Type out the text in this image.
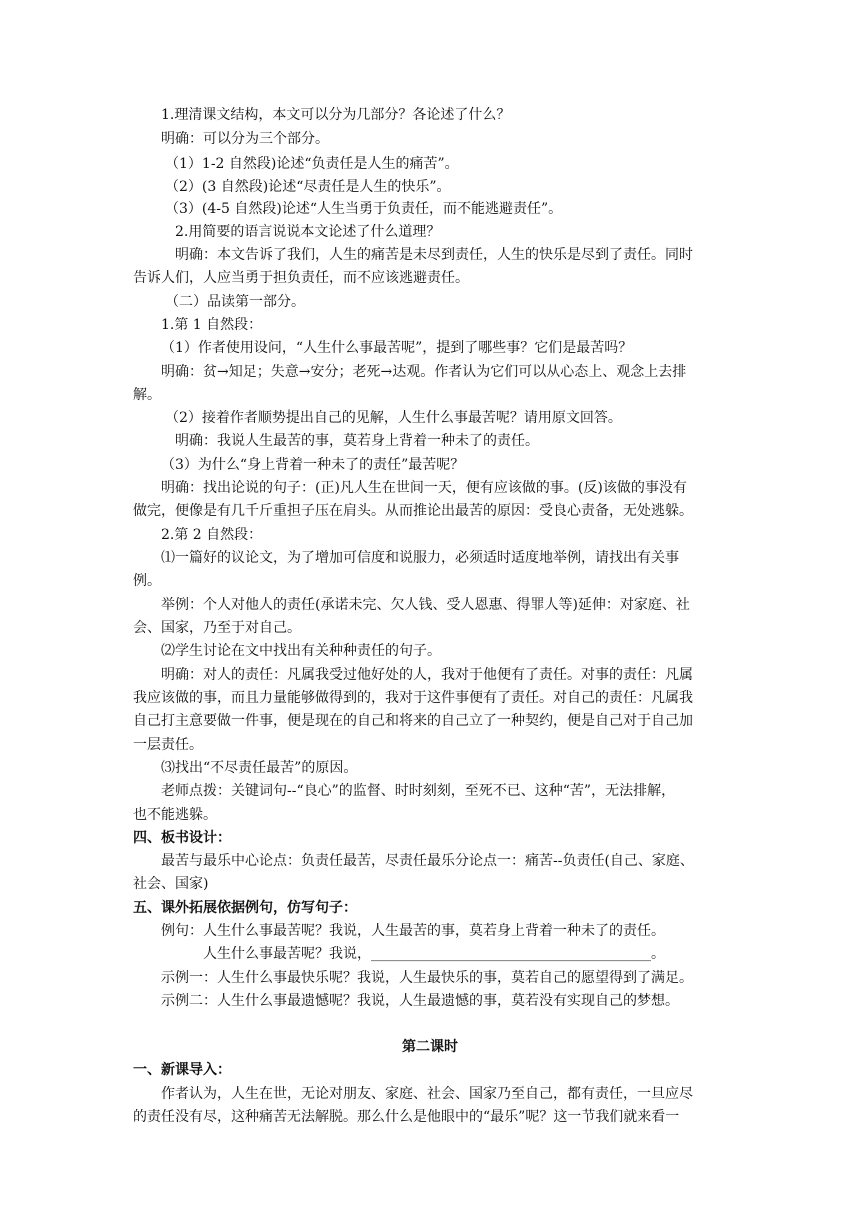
1.理清课文结构，本文可以分为几部分？各论述了什么？
明确：可以分为三个部分。
（1）1-2 自然段)论述“负责任是人生的痛苦”。
（2）(3 自然段)论述“尽责任是人生的快乐”。
（3）(4-5 自然段)论述“人生当勇于负责任，而不能逃避责任”。
2.用简要的语言说说本文论述了什么道理？
明确：本文告诉了我们，人生的痛苦是未尽到责任，人生的快乐是尽到了责任。同时
告诉人们，人应当勇于担负责任，而不应该逃避责任。
（二）品读第一部分。
1.第 1 自然段：
（1）作者使用设问，“人生什么事最苦呢”，提到了哪些事？它们是最苦吗？
明确：贫→知足；失意→安分；老死→达观。作者认为它们可以从心态上、观念上去排
解。
（2）接着作者顺势提出自己的见解，人生什么事最苦呢？请用原文回答。
明确：我说人生最苦的事，莫若身上背着一种未了的责任。
（3）为什么“身上背着一种未了的责任”最苦呢？
明确：找出论说的句子：(正)凡人生在世间一天，便有应该做的事。(反)该做的事没有
做完，便像是有几千斤重担子压在肩头。从而推论出最苦的原因：受良心责备，无处逃躲。
2.第 2 自然段：
⑴一篇好的议论文，为了增加可信度和说服力，必须适时适度地举例，请找出有关事
例。
举例：个人对他人的责任(承诺未完、欠人钱、受人恩惠、得罪人等)延伸：对家庭、社
会、国家，乃至于对自己。
⑵学生讨论在文中找出有关种种责任的句子。
明确：对人的责任：凡属我受过他好处的人，我对于他便有了责任。对事的责任：凡属
我应该做的事，而且力量能够做得到的，我对于这件事便有了责任。对自己的责任：凡属我
自己打主意要做一件事，便是现在的自己和将来的自己立了一种契约，便是自己对于自己加
一层责任。
⑶找出“不尽责任最苦”的原因。
老师点拨：关键词句--“良心”的监督、时时刻刻，至死不已、这种“苦”，无法排解，
也不能逃躲。
四、板书设计：
最苦与最乐中心论点：负责任最苦，尽责任最乐分论点一：痛苦--负责任(自己、家庭、
社会、国家)
五、课外拓展依据例句，仿写句子：
例句：人生什么事最苦呢？我说，人生最苦的事，莫若身上背着一种未了的责任。
人生什么事最苦呢？我说，________________________________________。
示例一：人生什么事最快乐呢？我说，人生最快乐的事，莫若自己的愿望得到了满足。
示例二：人生什么事最遗憾呢？我说，人生最遗憾的事，莫若没有实现自己的梦想。
第二课时
一、新课导入：
作者认为，人生在世，无论对朋友、家庭、社会、国家乃至自己，都有责任，一旦应尽
的责任没有尽，这种痛苦无法解脱。那么什么是他眼中的“最乐”呢？这一节我们就来看一
